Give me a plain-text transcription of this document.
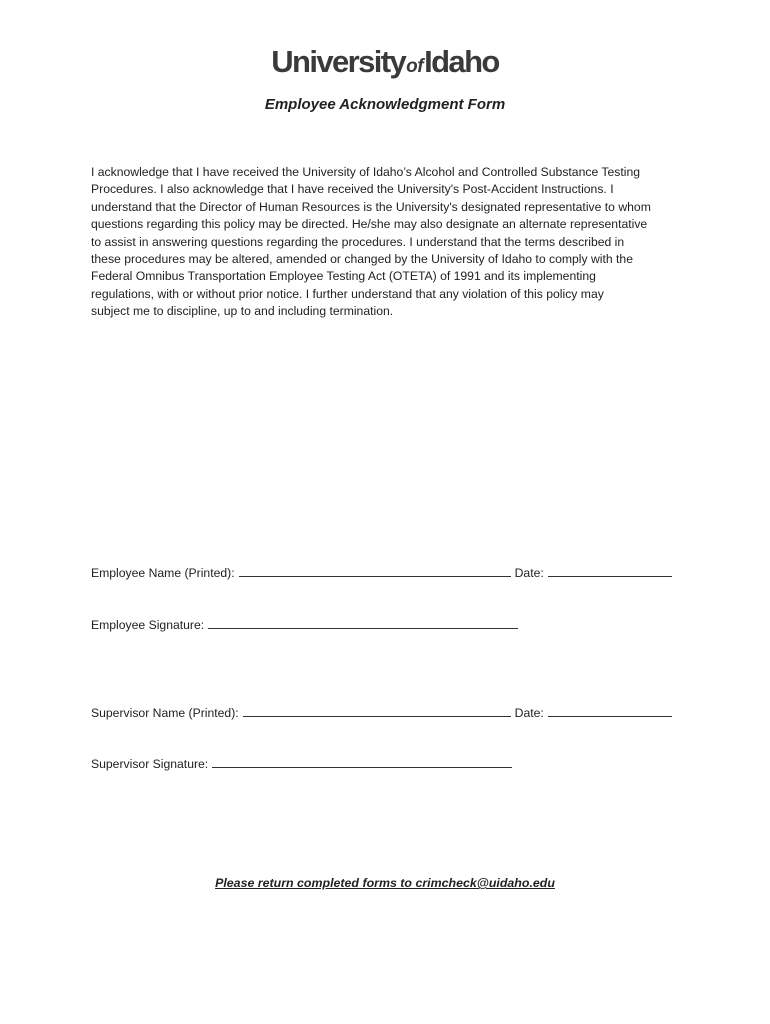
UniversityofIdaho
Employee Acknowledgment Form
I acknowledge that I have received the University of Idaho’s Alcohol and Controlled Substance Testing
Procedures. I also acknowledge that I have received the University's Post-Accident Instructions. I
understand that the Director of Human Resources is the University's designated representative to whom
questions regarding this policy may be directed. He/she may also designate an alternate representative
to assist in answering questions regarding the procedures. I understand that the terms described in
these procedures may be altered, amended or changed by the University of Idaho to comply with the
Federal Omnibus Transportation Employee Testing Act (OTETA) of 1991 and its implementing
regulations, with or without prior notice. I further understand that any violation of this policy may
subject me to discipline, up to and including termination.
Employee Name (Printed):	Date:
Employee Signature:
Supervisor Name (Printed):	Date:
Supervisor Signature:
Please return completed forms to crimcheck@uidaho.edu
